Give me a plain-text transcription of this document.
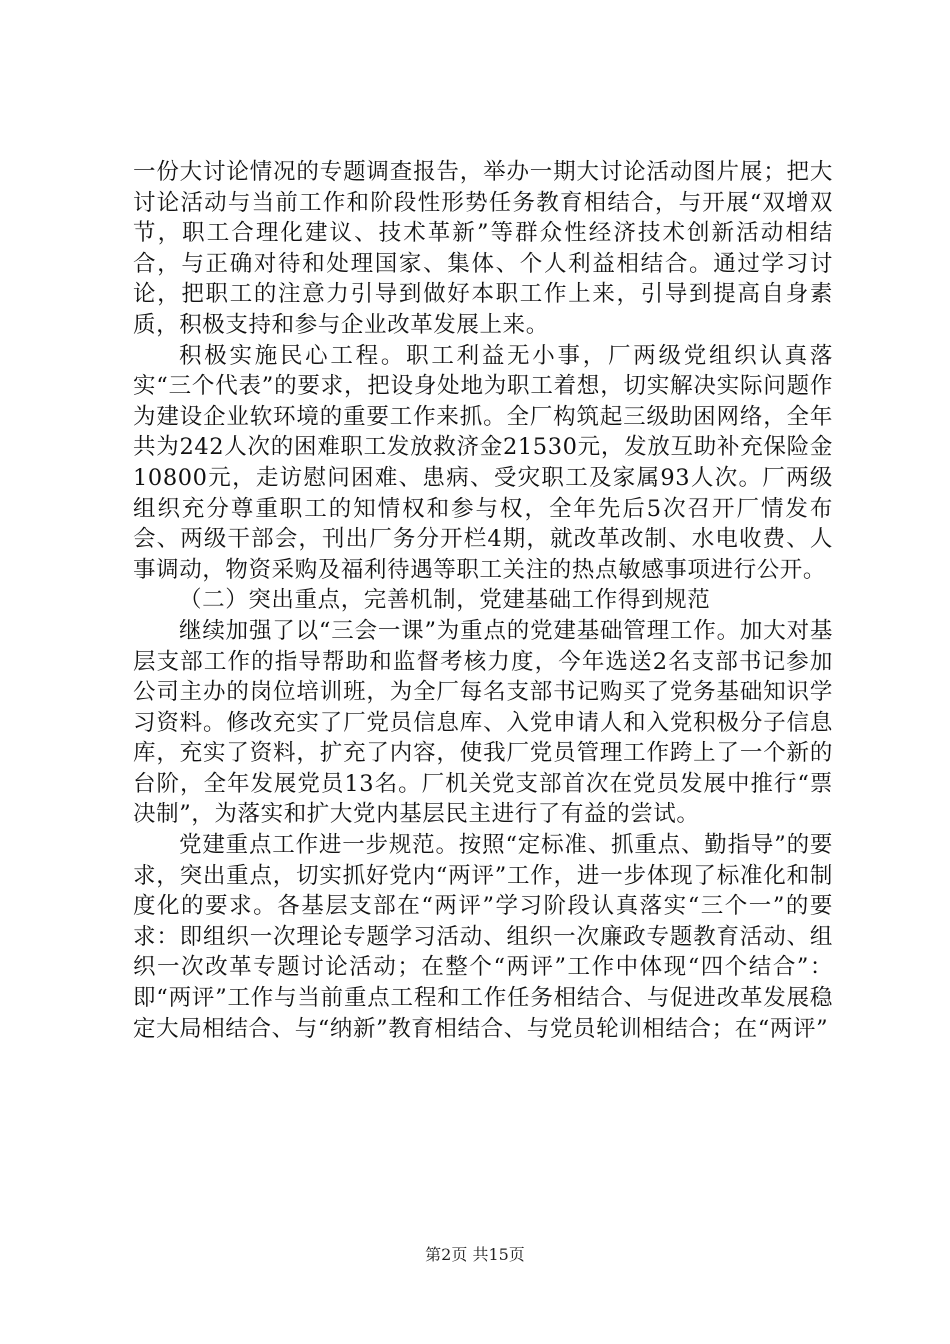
一份大讨论情况的专题调查报告，举办一期大讨论活动图片展；把大讨论活动与当前工作和阶段性形势任务教育相结合，与开展“双增双节，职工合理化建议、技术革新”等群众性经济技术创新活动相结合，与正确对待和处理国家、集体、个人利益相结合。通过学习讨论，把职工的注意力引导到做好本职工作上来，引导到提高自身素质，积极支持和参与企业改革发展上来。

积极实施民心工程。职工利益无小事，厂两级党组织认真落实“三个代表”的要求，把设身处地为职工着想，切实解决实际问题作为建设企业软环境的重要工作来抓。全厂构筑起三级助困网络，全年共为242人次的困难职工发放救济金21530元，发放互助补充保险金10800元，走访慰问困难、患病、受灾职工及家属93人次。厂两级组织充分尊重职工的知情权和参与权，全年先后5次召开厂情发布会、两级干部会，刊出厂务分开栏4期，就改革改制、水电收费、人事调动，物资采购及福利待遇等职工关注的热点敏感事项进行公开。

（二）突出重点，完善机制，党建基础工作得到规范

继续加强了以“三会一课”为重点的党建基础管理工作。加大对基层支部工作的指导帮助和监督考核力度，今年选送2名支部书记参加公司主办的岗位培训班，为全厂每名支部书记购买了党务基础知识学习资料。修改充实了厂党员信息库、入党申请人和入党积极分子信息库，充实了资料，扩充了内容，使我厂党员管理工作跨上了一个新的台阶，全年发展党员13名。厂机关党支部首次在党员发展中推行“票决制”，为落实和扩大党内基层民主进行了有益的尝试。

党建重点工作进一步规范。按照“定标准、抓重点、勤指导”的要求，突出重点，切实抓好党内“两评”工作，进一步体现了标准化和制度化的要求。各基层支部在“两评”学习阶段认真落实“三个一”的要求：即组织一次理论专题学习活动、组织一次廉政专题教育活动、组织一次改革专题讨论活动；在整个“两评”工作中体现“四个结合”：即“两评”工作与当前重点工程和工作任务相结合、与促进改革发展稳定大局相结合、与“纳新”教育相结合、与党员轮训相结合；在“两评”

第2页 共15页
